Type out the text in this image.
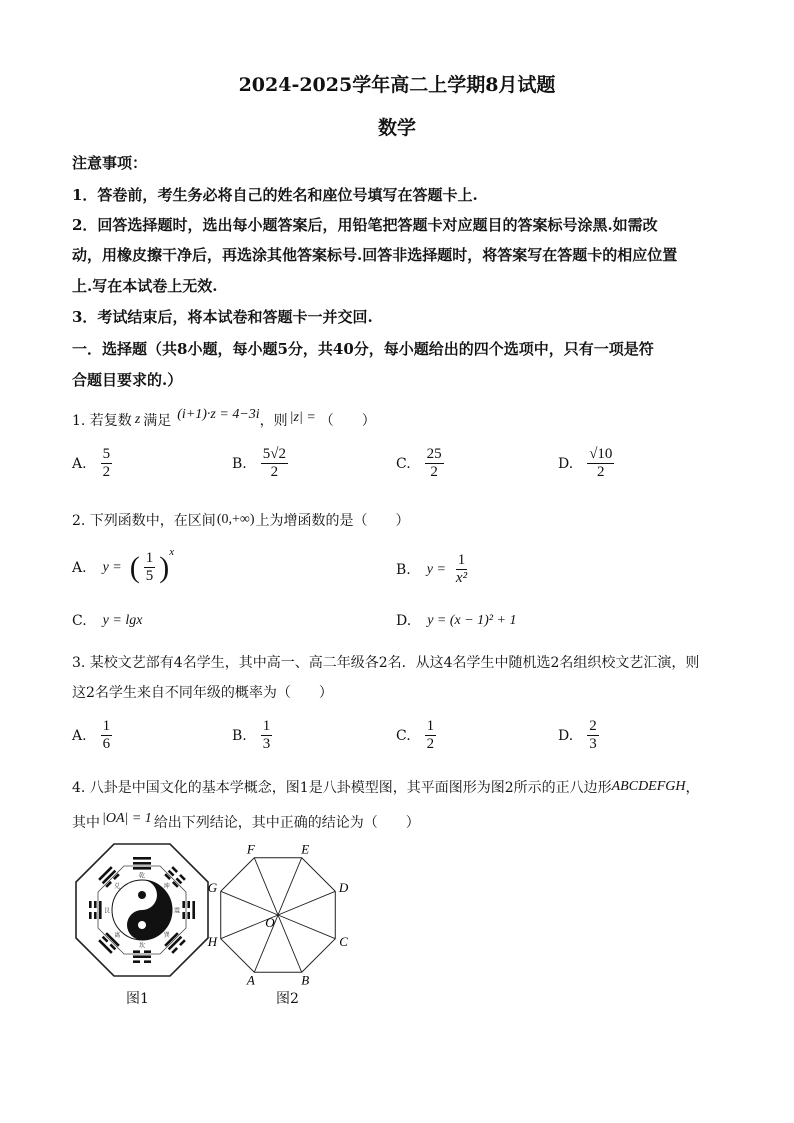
2024-2025学年高二上学期8月试题
数学
注意事项：
1．答卷前，考生务必将自己的姓名和座位号填写在答题卡上.
2．回答选择题时，选出每小题答案后，用铅笔把答题卡对应题目的答案标号涂黑.如需改
动，用橡皮擦干净后，再选涂其他答案标号.回答非选择题时，将答案写在答题卡的相应位置
上.写在本试卷上无效.
3．考试结束后，将本试卷和答题卡一并交回.
一．选择题（共8小题，每小题5分，共40分，每小题给出的四个选项中，只有一项是符
合题目要求的.）
1. 若复数 z 满足 (i+1)·z = 4−3i ，则 |z| = （　　）
A. $\frac{5}{2}$	B. $\frac{5√2}{2}$	C. $\frac{25}{2}$	D. $\frac{√10}{2}$
2. 下列函数中，在区间 (0,+∞) 上为增函数的是（　　）
A. y = ( $\frac{1}{5}$ ) x
B. $y = \frac{1}{\text{x²}}$
C. y = lgx	D. y = (x − 1)² + 1
3. 某校文艺部有4名学生，其中高一、高二年级各2名．从这4名学生中随机选2名组织校文艺汇演，则
这2名学生来自不同年级的概率为（　　）
A. $\frac{1}{6}$	B. $\frac{1}{3}$	C. $\frac{1}{2}$	D. $\frac{2}{3}$
4. 八卦是中国文化的基本学概念，图1是八卦模型图，其平面图形为图2所示的正八边形 ABCDEFGH ，
其中 |OA| = 1 给出下列结论，其中正确的结论为（　　）
乾
坤
震
巽
坎
离
艮
兑
图1
A	B
C
D
E
F
G
H
O
图2
